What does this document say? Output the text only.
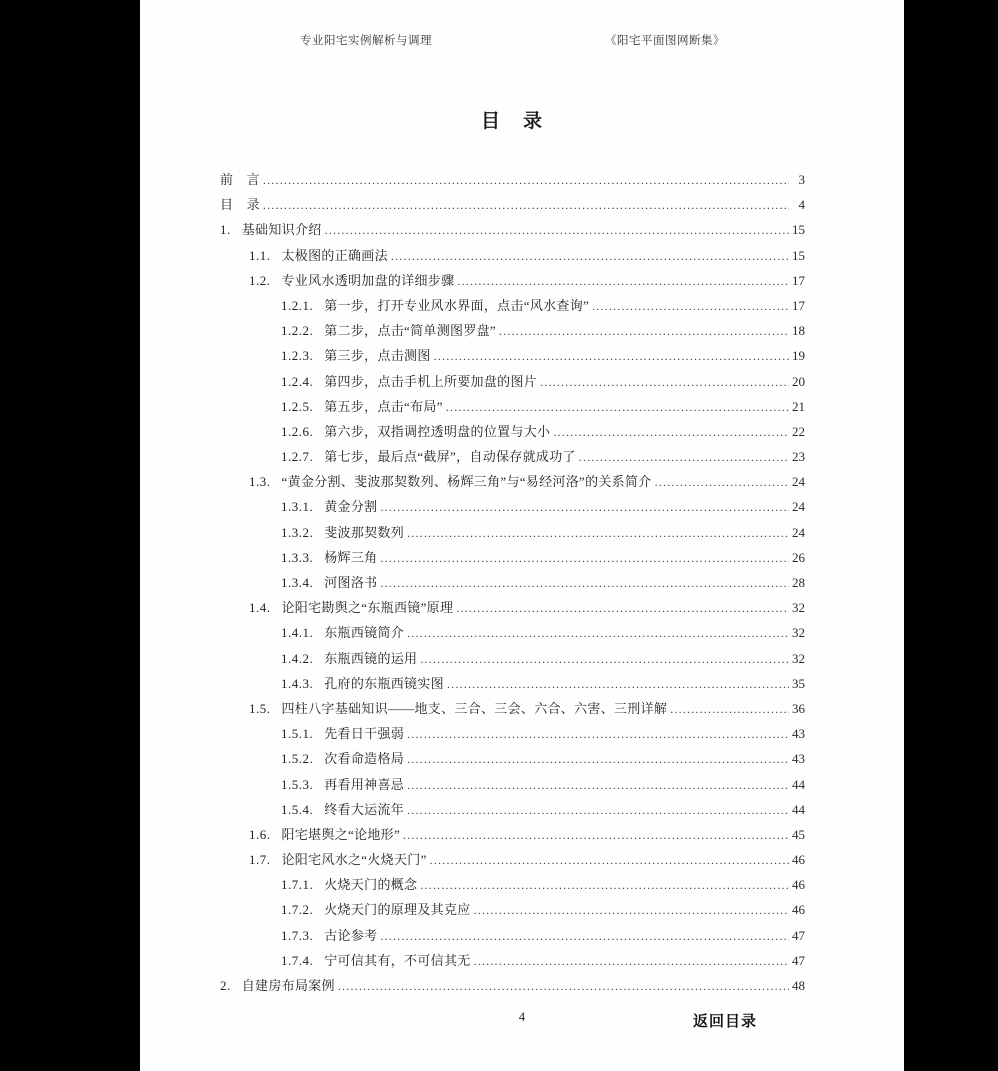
专业阳宅实例解析与调理	《阳宅平面图网断集》
目　录
前　言 .....	3
目　录 .....	4
1. 基础知识介绍 .....	15
1.1. 太极图的正确画法 .....	15
1.2. 专业风水透明加盘的详细步骤 .....	17
1.2.1. 第一步，打开专业风水界面，点击“风水查询” .....	17
1.2.2. 第二步，点击“简单测图罗盘” .....	18
1.2.3. 第三步，点击测图 .....	19
1.2.4. 第四步，点击手机上所要加盘的图片 .....	20
1.2.5. 第五步，点击“布局” .....	21
1.2.6. 第六步，双指调控透明盘的位置与大小 .....	22
1.2.7. 第七步，最后点“截屏”，自动保存就成功了 .....	23
1.3. “黄金分割、斐波那契数列、杨辉三角”与“易经河洛”的关系简介 .....	24
1.3.1. 黄金分割 .....	24
1.3.2. 斐波那契数列 .....	24
1.3.3. 杨辉三角 .....	26
1.3.4. 河图洛书 .....	28
1.4. 论阳宅勘舆之“东瓶西镜”原理 .....	32
1.4.1. 东瓶西镜简介 .....	32
1.4.2. 东瓶西镜的运用 .....	32
1.4.3. 孔府的东瓶西镜实图 .....	35
1.5. 四柱八字基础知识——地支、三合、三会、六合、六害、三刑详解 .....	36
1.5.1. 先看日干强弱 .....	43
1.5.2. 次看命造格局 .....	43
1.5.3. 再看用神喜忌 .....	44
1.5.4. 终看大运流年 .....	44
1.6. 阳宅堪舆之“论地形” .....	45
1.7. 论阳宅风水之“火烧天门” .....	46
1.7.1. 火烧天门的概念 .....	46
1.7.2. 火烧天门的原理及其克应 .....	46
1.7.3. 古论参考 .....	47
1.7.4. 宁可信其有，不可信其无 .....	47
2. 自建房布局案例 .....	48
4	返回目录
